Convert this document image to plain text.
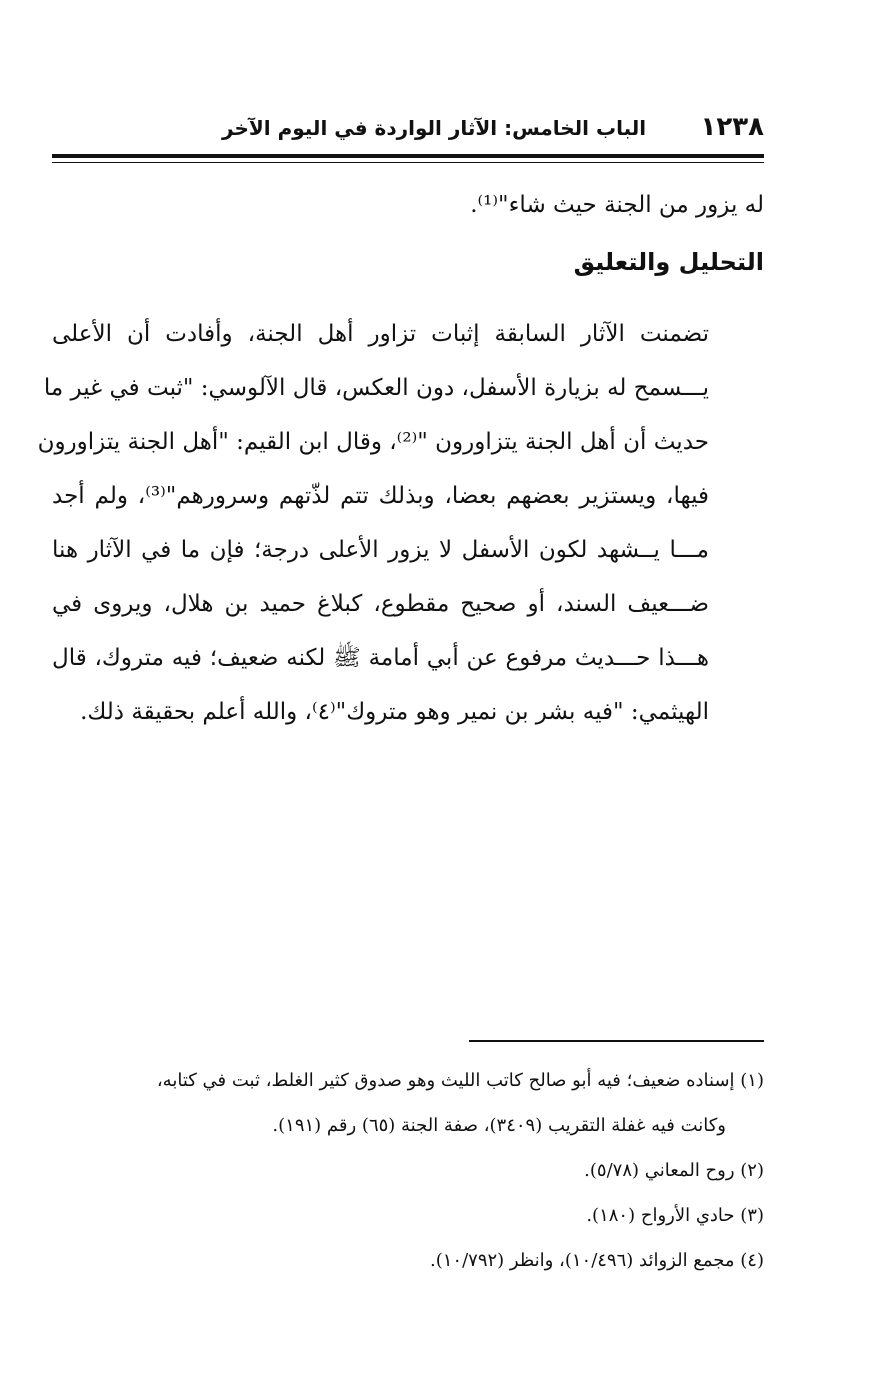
١٢٣٨
الباب الخامس: الآثار الواردة في اليوم الآخر
له يزور من الجنة حيث شاء"⁽¹⁾.
التحليل والتعليق
تضمنت الآثار السابقة إثبات تزاور أهل الجنة، وأفادت أن الأعلى
يـــسمح له بزيارة الأسفل، دون العكس، قال الآلوسي: "ثبت في غير ما
حديث أن أهل الجنة يتزاورون "⁽²⁾، وقال ابن القيم: "أهل الجنة يتزاورون
فيها، ويستزير بعضهم بعضا، وبذلك تتم لذّتهم وسرورهم"⁽³⁾، ولم أجد
مـــا يــشهد لكون الأسفل لا يزور الأعلى درجة؛ فإن ما في الآثار هنا
ضـــعيف السند، أو صحيح مقطوع، كبلاغ حميد بن هلال، ويروى في
هـــذا حـــديث مرفوع عن أبي أمامة ﷺ لكنه ضعيف؛ فيه متروك، قال
الهيثمي: "فيه بشر بن نمير وهو متروك"⁽٤⁾، والله أعلم بحقيقة ذلك.
(١) إسناده ضعيف؛ فيه أبو صالح كاتب الليث وهو صدوق كثير الغلط، ثبت في كتابه،
وكانت فيه غفلة التقريب (٣٤٠٩)، صفة الجنة (٦٥) رقم (١٩١).
(٢) روح المعاني (٥/٧٨).
(٣) حادي الأرواح (١٨٠).
(٤) مجمع الزوائد (١٠/٤٩٦)، وانظر (١٠/٧٩٢).
